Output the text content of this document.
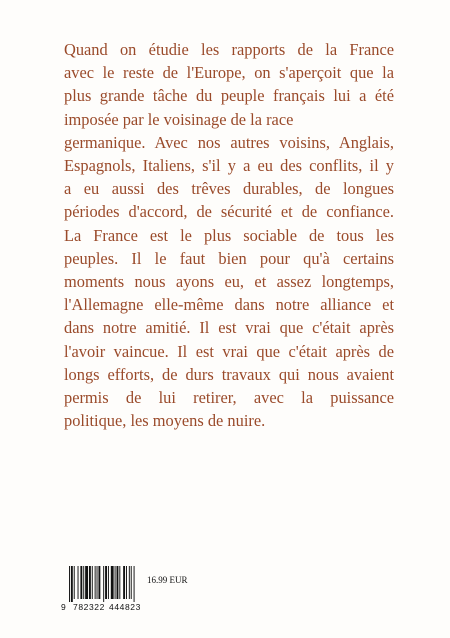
Quand on étudie les rapports de la France
avec le reste de l'Europe, on s'aperçoit que la
plus grande tâche du peuple français lui a été
imposée par le voisinage de la race
germanique. Avec nos autres voisins, Anglais,
Espagnols, Italiens, s'il y a eu des conflits, il y
a eu aussi des trêves durables, de longues
périodes d'accord, de sécurité et de confiance.
La France est le plus sociable de tous les
peuples. Il le faut bien pour qu'à certains
moments nous ayons eu, et assez longtemps,
l'Allemagne elle-même dans notre alliance et
dans notre amitié. Il est vrai que c'était après
l'avoir vaincue. Il est vrai que c'était après de
longs efforts, de durs travaux qui nous avaient
permis de lui retirer, avec la puissance
politique, les moyens de nuire.
9 782322 444823
16.99 EUR
